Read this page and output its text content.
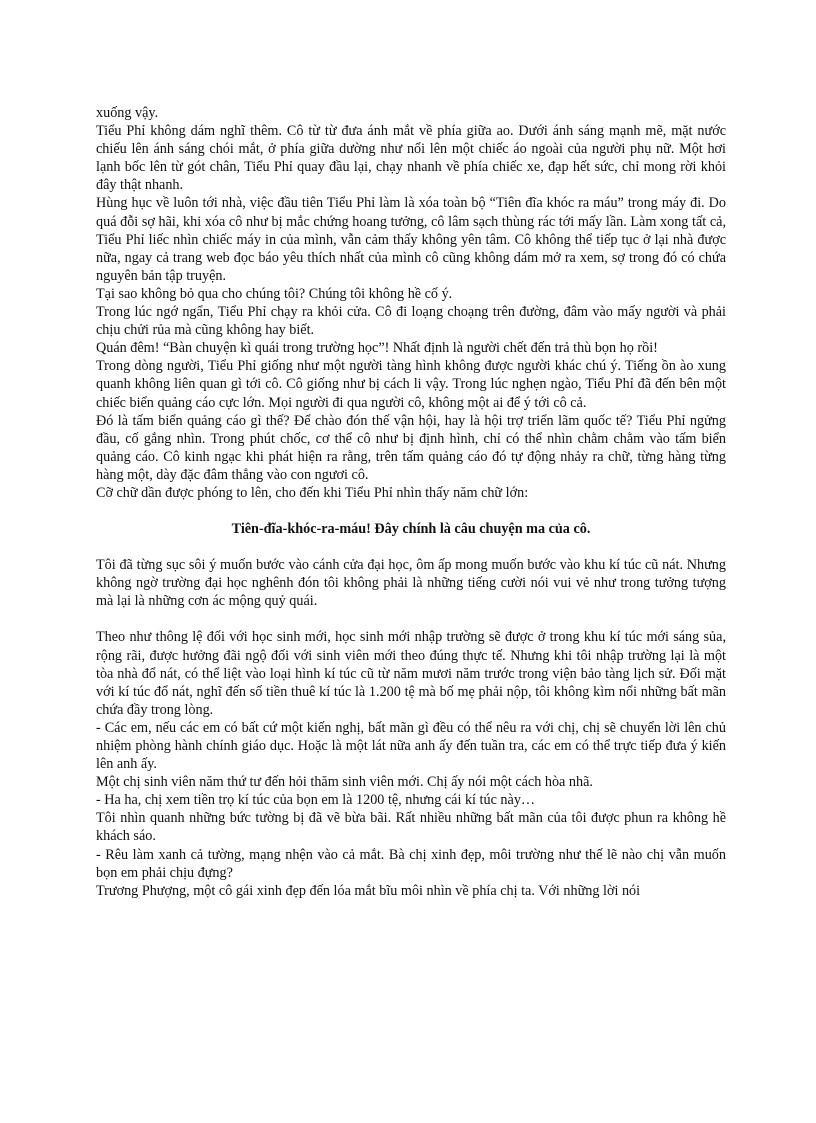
xuống vậy.

Tiểu Phỉ không dám nghĩ thêm. Cô từ từ đưa ánh mắt về phía giữa ao. Dưới ánh sáng mạnh mẽ, mặt nước chiếu lên ánh sáng chói mắt, ở phía giữa dường như nổi lên một chiếc áo ngoài của người phụ nữ. Một hơi lạnh bốc lên từ gót chân, Tiểu Phỉ quay đầu lại, chạy nhanh về phía chiếc xe, đạp hết sức, chỉ mong rời khỏi đây thật nhanh.

Hùng hục về luôn tới nhà, việc đầu tiên Tiểu Phỉ làm là xóa toàn bộ “Tiên đĩa khóc ra máu” trong máy đi. Do quá đỗi sợ hãi, khi xóa cô như bị mắc chứng hoang tưởng, cô lâm sạch thùng rác tới mấy lần. Làm xong tất cả, Tiểu Phỉ liếc nhìn chiếc máy in của mình, vẫn cảm thấy không yên tâm. Cô không thể tiếp tục ở lại nhà được nữa, ngay cả trang web đọc báo yêu thích nhất của mình cô cũng không dám mở ra xem, sợ trong đó có chứa nguyên bản tập truyện.

Tại sao không bỏ qua cho chúng tôi? Chúng tôi không hề cố ý.

Trong lúc ngớ ngẩn, Tiểu Phỉ chạy ra khỏi cửa. Cô đi loạng choạng trên đường, đâm vào mấy người và phải chịu chửi rủa mà cũng không hay biết.

Quán đêm! “Bàn chuyện kì quái trong trường học”! Nhất định là người chết đến trả thù bọn họ rồi!

Trong dòng người, Tiểu Phỉ giống như một người tàng hình không được người khác chú ý. Tiếng ồn ào xung quanh không liên quan gì tới cô. Cô giống như bị cách li vậy. Trong lúc nghẹn ngào, Tiểu Phỉ đã đến bên một chiếc biển quảng cáo cực lớn. Mọi người đi qua người cô, không một ai để ý tới cô cả.

Đó là tấm biển quảng cáo gì thế? Để chào đón thế vận hội, hay là hội trợ triển lãm quốc tế? Tiểu Phỉ ngửng đầu, cố gắng nhìn. Trong phút chốc, cơ thể cô như bị định hình, chỉ có thể nhìn chằm chằm vào tấm biển quảng cáo. Cô kinh ngạc khi phát hiện ra rằng, trên tấm quảng cáo đó tự động nhảy ra chữ, từng hàng từng hàng một, dày đặc đâm thẳng vào con ngươi cô.

Cỡ chữ dần được phóng to lên, cho đến khi Tiểu Phỉ nhìn thấy năm chữ lớn:

Tiên-đĩa-khóc-ra-máu! Đây chính là câu chuyện ma của cô.

Tôi đã từng sục sôi ý muốn bước vào cánh cửa đại học, ôm ấp mong muốn bước vào khu kí túc cũ nát. Nhưng không ngờ trường đại học nghênh đón tôi không phải là những tiếng cười nói vui vẻ như trong tưởng tượng mà lại là những cơn ác mộng quỷ quái.

Theo như thông lệ đối với học sinh mới, học sinh mới nhập trường sẽ được ở trong khu kí túc mới sáng sủa, rộng rãi, được hưởng đãi ngộ đối với sinh viên mới theo đúng thực tế. Nhưng khi tôi nhập trường lại là một tòa nhà đổ nát, có thể liệt vào loại hình kí túc cũ từ năm mươi năm trước trong viện bảo tàng lịch sử. Đối mặt với kí túc đổ nát, nghĩ đến số tiền thuê kí túc là 1.200 tệ mà bố mẹ phải nộp, tôi không kìm nổi những bất mãn chứa đầy trong lòng.

- Các em, nếu các em có bất cứ một kiến nghị, bất mãn gì đều có thể nêu ra với chị, chị sẽ chuyển lời lên chủ nhiệm phòng hành chính giáo dục. Hoặc là một lát nữa anh ấy đến tuần tra, các em có thể trực tiếp đưa ý kiến lên anh ấy.

Một chị sinh viên năm thứ tư đến hỏi thăm sinh viên mới. Chị ấy nói một cách hòa nhã.

- Ha ha, chị xem tiền trọ kí túc của bọn em là 1200 tệ, nhưng cái kí túc này…

Tôi nhìn quanh những bức tường bị đã vẽ bừa bãi. Rất nhiều những bất mãn của tôi được phun ra không hề khách sáo.

- Rêu làm xanh cả tường, mạng nhện vào cả mắt. Bà chị xinh đẹp, môi trường như thế lẽ nào chị vẫn muốn bọn em phải chịu đựng?

Trương Phượng, một cô gái xinh đẹp đến lóa mắt bĩu môi nhìn về phía chị ta. Với những lời nói
